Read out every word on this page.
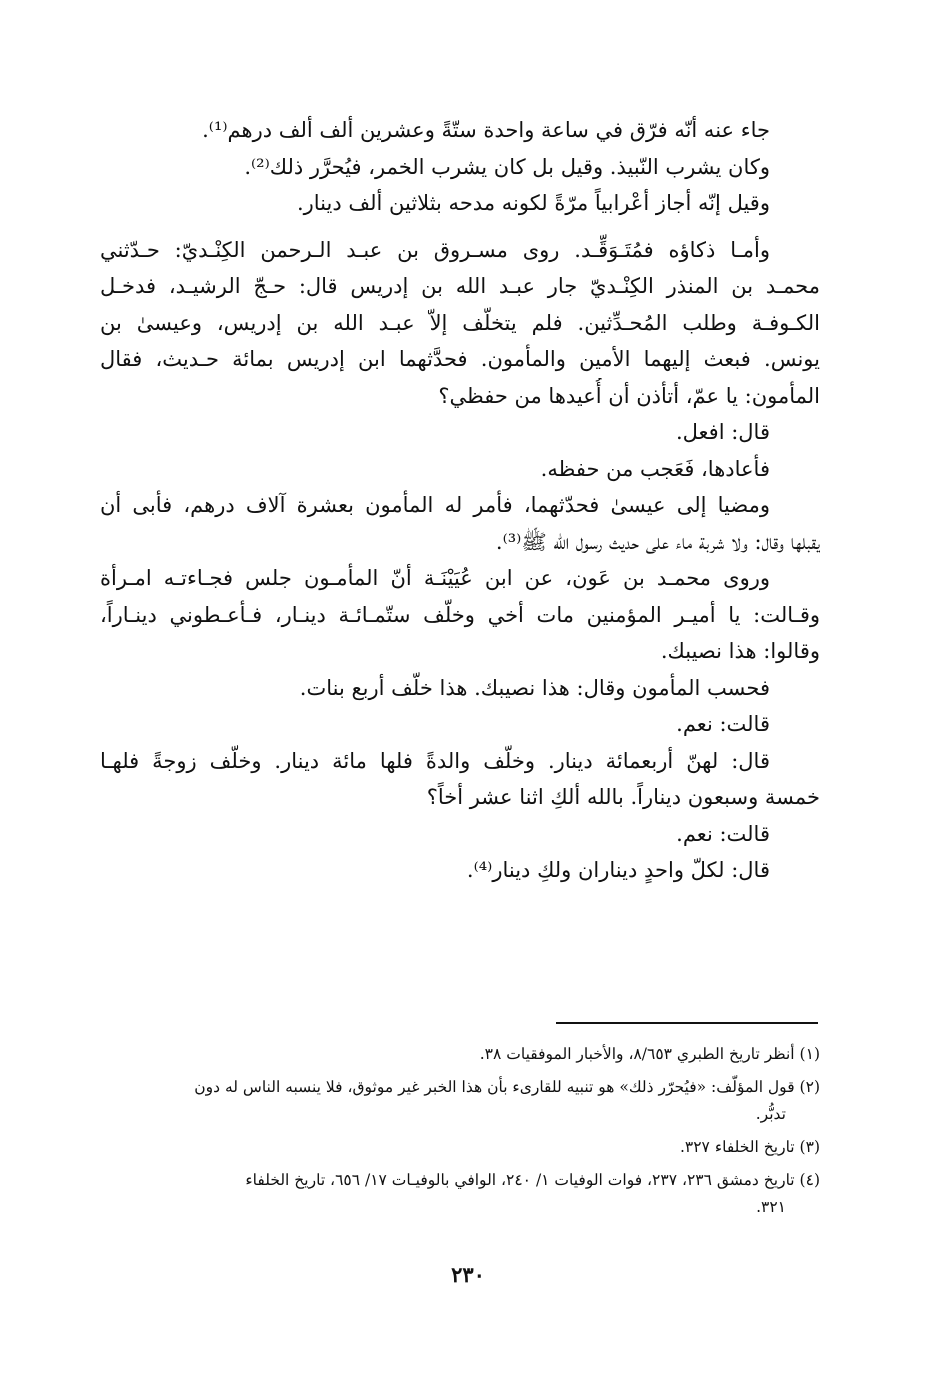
جاء عنه أنّه فرّق في ساعة واحدة ستّةً وعشرين ألف ألف درهم⁽¹⁾.
وكان يشرب النّبيذ. وقيل بل كان يشرب الخمر، فيُحرَّر ذلك⁽²⁾.
وقيل إنّه أجاز أعْرابياً مرّةً لكونه مدحه بثلاثين ألف دينار.
وأمـا ذكاؤه فمُتَـوَقِّـد. روى مسـروق بن عبـد الـرحمن الكِنْـديّ: حـدّثني
محمـد بن المنذر الكِنْـديّ جار عبـد الله بن إدريس قال: حـجّ الرشيـد، فدخـل
الكـوفـة وطلب المُحـدِّثين. فلم يتخلّف إلاّ عبـد الله بن إدريس، وعيسىٰ بن
يونس. فبعث إليهما الأمين والمأمون. فحدَّثهما ابن إدريس بمائة حـديث، فقال
المأمون: يا عمّ، أتأذن أن أُعيدها من حفظي؟
قال: افعل.
فأعادها، فَعَجب من حفظه.
ومضيا إلى عيسىٰ فحدّثهما، فأمر له المأمون بعشرة آلاف درهم، فأبى أن
يقبلها وقال: ولا شربة ماء على حديث رسول الله ﷺ⁽³⁾.
وروى محمـد بن عَون، عن ابن عُيَيْنَـة أنّ المأمـون جلس فجـاءتـه امـرأة
وقـالت: يا أميـر المؤمنين مات أخي وخلّف ستّمـائـة دينـار، فـأعـطوني دينـاراً،
وقالوا: هذا نصيبك.
فحسب المأمون وقال: هذا نصيبك. هذا خلّف أربع بنات.
قالت: نعم.
قال: لهنّ أربعمائة دينار. وخلّف والدةً فلها مائة دينار. وخلّف زوجةً فلهـا
خمسة وسبعون ديناراً. بالله ألكِ اثنا عشر أخاً؟
قالت: نعم.
قال: لكلّ واحدٍ ديناران ولكِ دينار⁽⁴⁾.
(١) أنظر تاريخ الطبري ٨/٦٥٣، والأخبار الموفقيات ٣٨.
(٢) قول المؤلّف: «فيُحرّر ذلك» هو تنبيه للقارىء بأن هذا الخبر غير موثوق، فلا ينسبه الناس له دون
تدبُّر.
(٣) تاريخ الخلفاء ٣٢٧.
(٤) تاريخ دمشق ٢٣٦، ٢٣٧، فوات الوفيات ١/ ٢٤٠، الوافي بالوفيـات ١٧/ ٦٥٦، تاريخ الخلفاء
٣٢١.
٢٣٠
